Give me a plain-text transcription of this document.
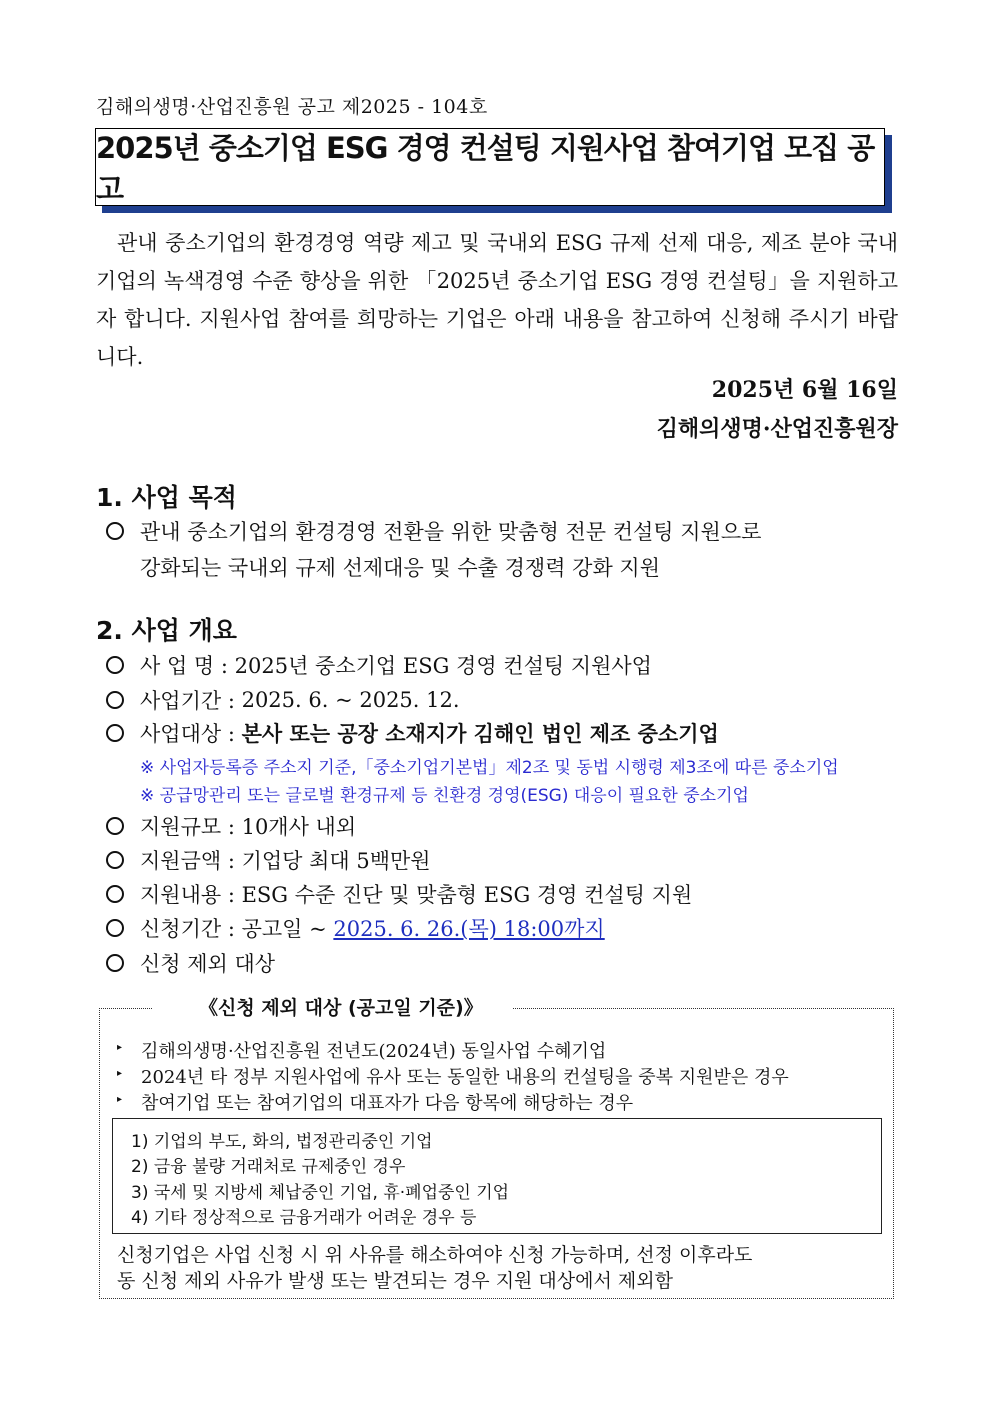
김해의생명·산업진흥원 공고 제2025 - 104호
2025년 중소기업 ESG 경영 컨설팅 지원사업 참여기업 모집 공고

관내 중소기업의 환경경영 역량 제고 및 국내외 ESG 규제 선제 대응, 제조 분야 국내기업의 녹색경영 수준 향상을 위한 「2025년 중소기업 ESG 경영 컨설팅」을 지원하고자 합니다. 지원사업 참여를 희망하는 기업은 아래 내용을 참고하여 신청해 주시기 바랍니다.

2025년 6월 16일
김해의생명·산업진흥원장
1. 사업 목적
관내 중소기업의 환경경영 전환을 위한 맞춤형 전문 컨설팅 지원으로
강화되는 국내외 규제 선제대응 및 수출 경쟁력 강화 지원
2. 사업 개요
사 업 명 : 2025년 중소기업 ESG 경영 컨설팅 지원사업
사업기간 : 2025. 6. ~ 2025. 12.
사업대상 : 본사 또는 공장 소재지가 김해인 법인 제조 중소기업
※ 사업자등록증 주소지 기준,「중소기업기본법」제2조 및 동법 시행령 제3조에 따른 중소기업
※ 공급망관리 또는 글로벌 환경규제 등 친환경 경영(ESG) 대응이 필요한 중소기업
지원규모 : 10개사 내외
지원금액 : 기업당 최대 5백만원
지원내용 : ESG 수준 진단 및 맞춤형 ESG 경영 컨설팅 지원
신청기간 : 공고일 ~ 2025. 6. 26.(목) 18:00까지
신청 제외 대상
《신청 제외 대상 (공고일 기준)》
▸	김해의생명·산업진흥원 전년도(2024년) 동일사업 수혜기업
▸	2024년 타 정부 지원사업에 유사 또는 동일한 내용의 컨설팅을 중복 지원받은 경우
▸	참여기업 또는 참여기업의 대표자가 다음 항목에 해당하는 경우
1) 기업의 부도, 화의, 법정관리중인 기업
2) 금융 불량 거래처로 규제중인 경우
3) 국세 및 지방세 체납중인 기업, 휴·폐업중인 기업
4) 기타 정상적으로 금융거래가 어려운 경우 등
신청기업은 사업 신청 시 위 사유를 해소하여야 신청 가능하며, 선정 이후라도
동 신청 제외 사유가 발생 또는 발견되는 경우 지원 대상에서 제외함
